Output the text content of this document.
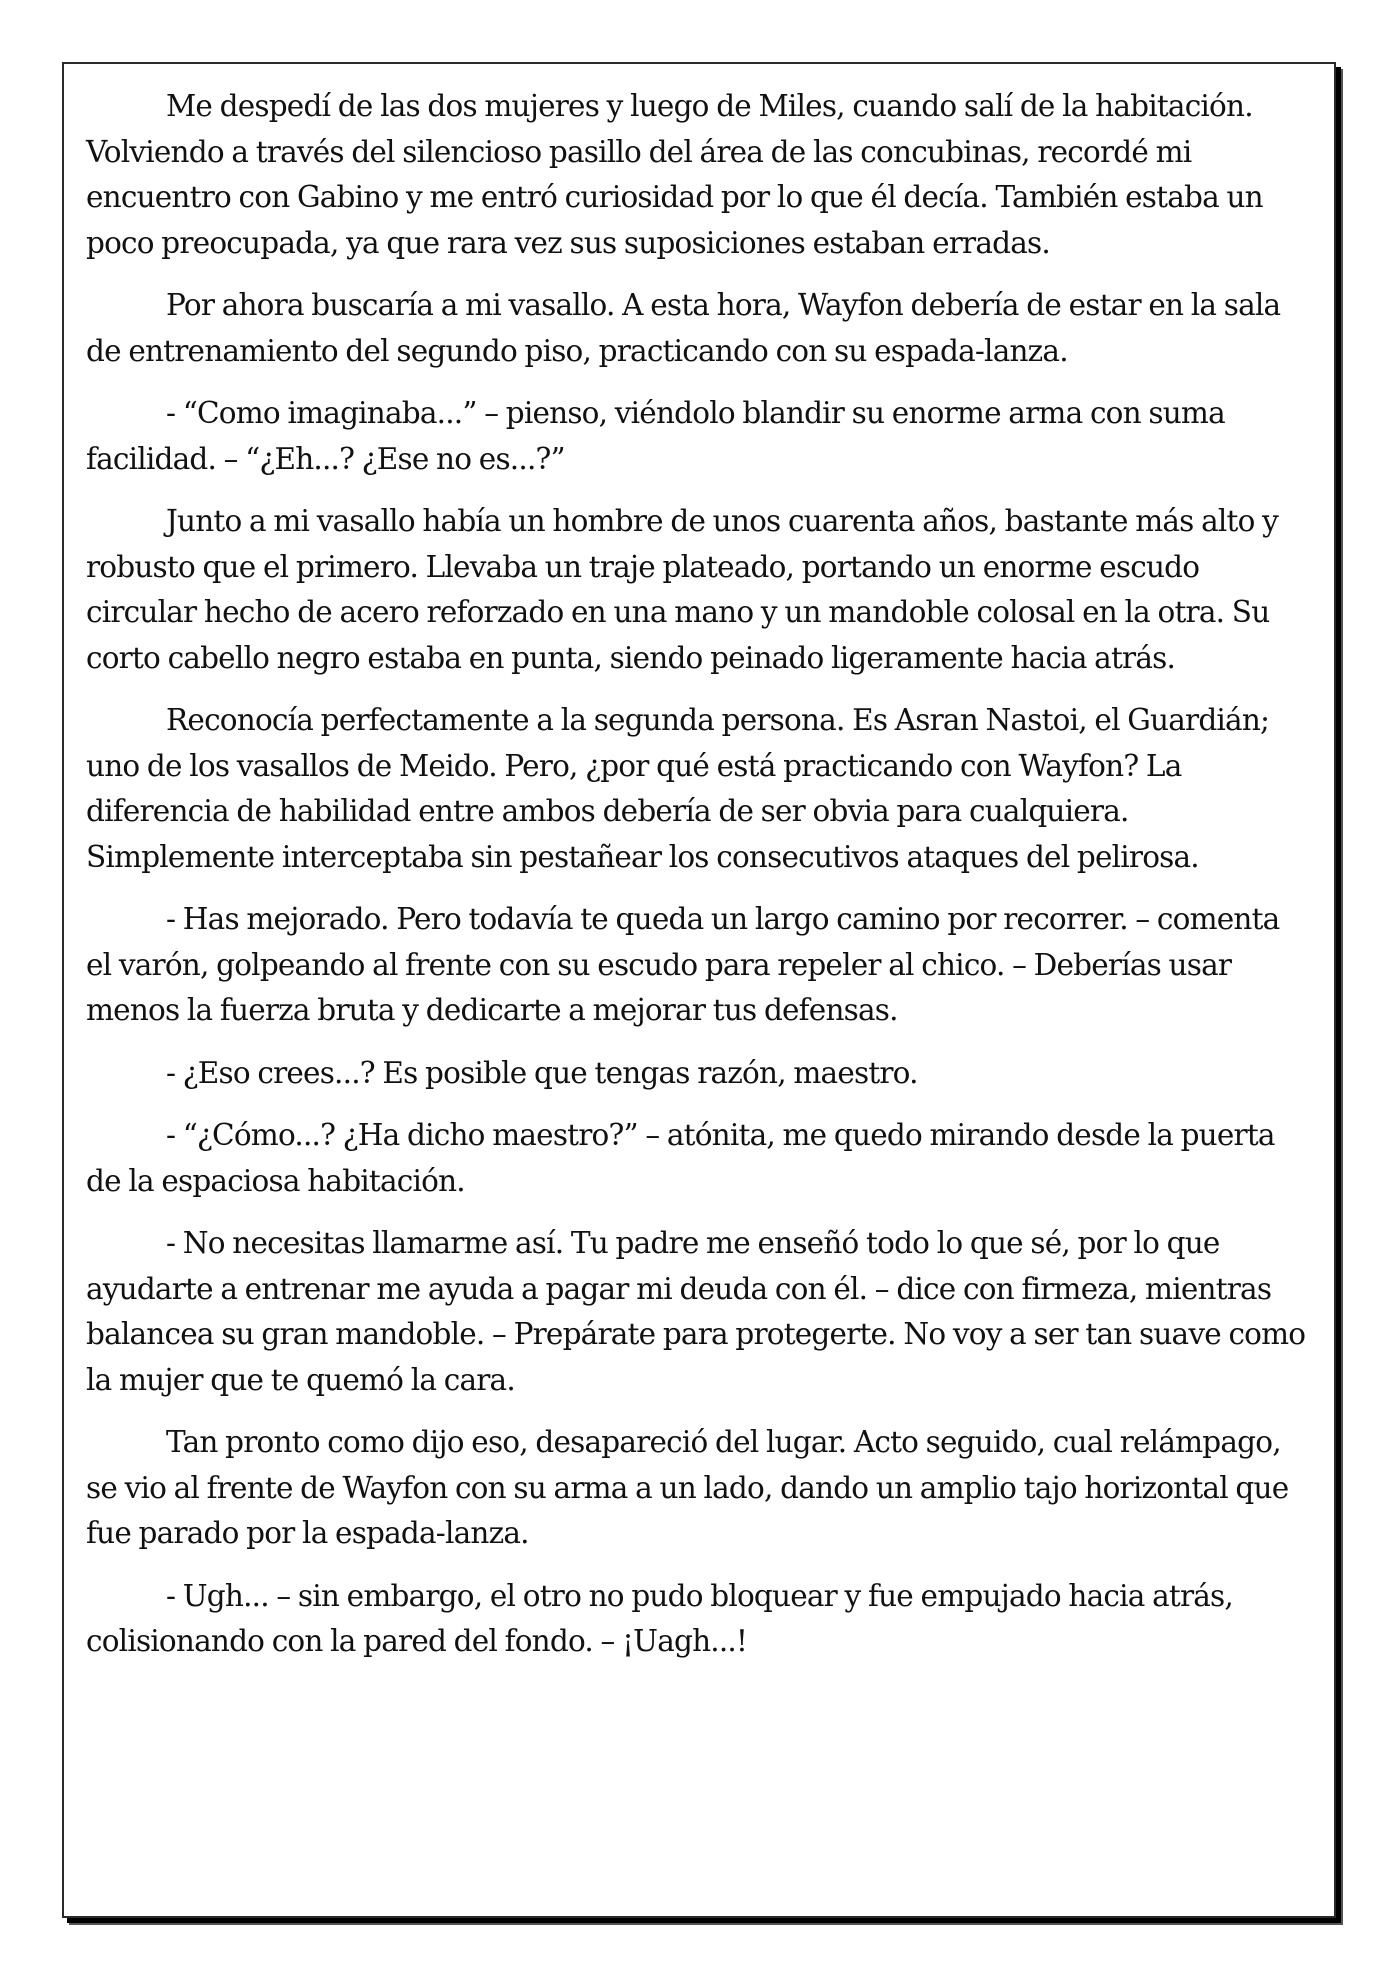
Me despedí de las dos mujeres y luego de Miles, cuando salí de la habitación. Volviendo a través del silencioso pasillo del área de las concubinas, recordé mi encuentro con Gabino y me entró curiosidad por lo que él decía. También estaba un poco preocupada, ya que rara vez sus suposiciones estaban erradas.

Por ahora buscaría a mi vasallo. A esta hora, Wayfon debería de estar en la sala de entrenamiento del segundo piso, practicando con su espada-lanza.

- “Como imaginaba...” – pienso, viéndolo blandir su enorme arma con suma facilidad. – “¿Eh...? ¿Ese no es...?”

Junto a mi vasallo había un hombre de unos cuarenta años, bastante más alto y robusto que el primero. Llevaba un traje plateado, portando un enorme escudo circular hecho de acero reforzado en una mano y un mandoble colosal en la otra. Su corto cabello negro estaba en punta, siendo peinado ligeramente hacia atrás.

Reconocía perfectamente a la segunda persona. Es Asran Nastoi, el Guardián; uno de los vasallos de Meido. Pero, ¿por qué está practicando con Wayfon? La diferencia de habilidad entre ambos debería de ser obvia para cualquiera. Simplemente interceptaba sin pestañear los consecutivos ataques del pelirosa.

- Has mejorado. Pero todavía te queda un largo camino por recorrer. – comenta el varón, golpeando al frente con su escudo para repeler al chico. – Deberías usar menos la fuerza bruta y dedicarte a mejorar tus defensas.

- ¿Eso crees...? Es posible que tengas razón, maestro.

- “¿Cómo...? ¿Ha dicho maestro?” – atónita, me quedo mirando desde la puerta de la espaciosa habitación.

- No necesitas llamarme así. Tu padre me enseñó todo lo que sé, por lo que ayudarte a entrenar me ayuda a pagar mi deuda con él. – dice con firmeza, mientras balancea su gran mandoble. – Prepárate para protegerte. No voy a ser tan suave como la mujer que te quemó la cara.

Tan pronto como dijo eso, desapareció del lugar. Acto seguido, cual relámpago, se vio al frente de Wayfon con su arma a un lado, dando un amplio tajo horizontal que fue parado por la espada-lanza.

- Ugh... – sin embargo, el otro no pudo bloquear y fue empujado hacia atrás, colisionando con la pared del fondo. – ¡Uagh...!
